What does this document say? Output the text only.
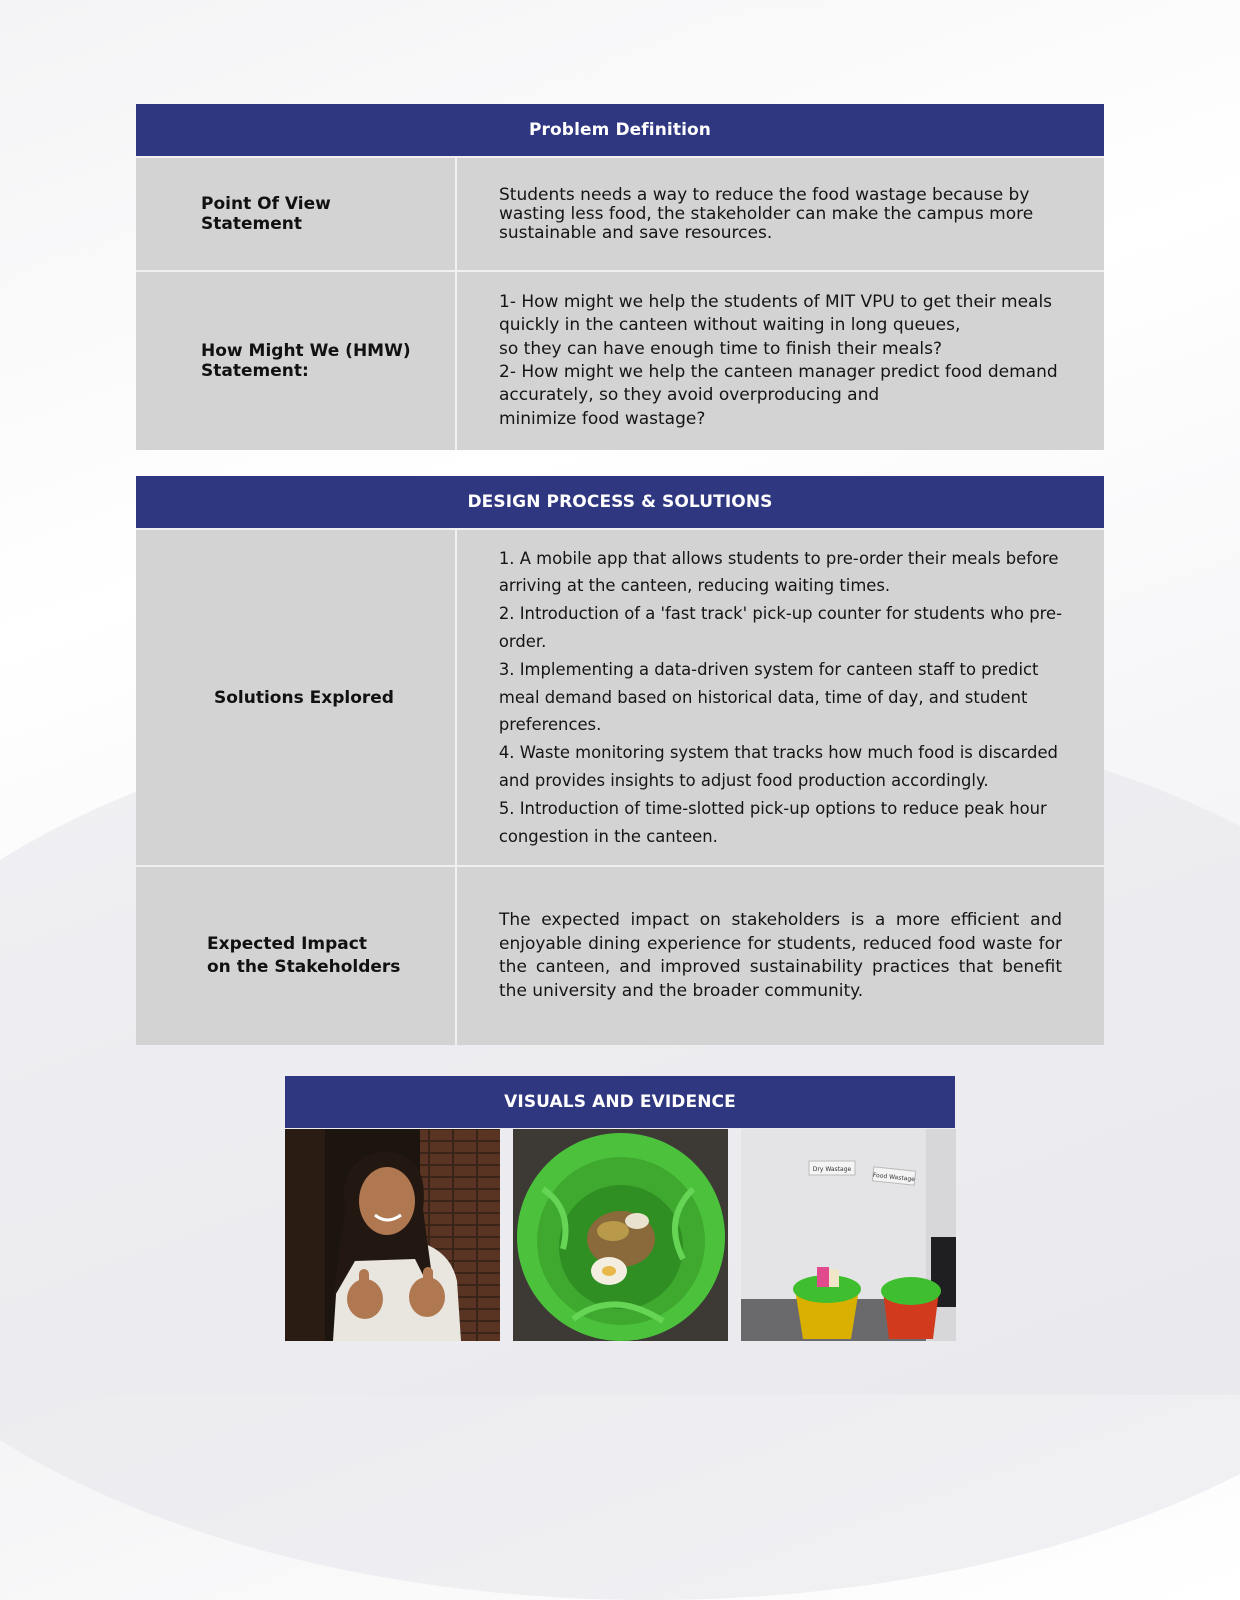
Problem Definition
Point Of View
Statement
Students needs a way to reduce the food wastage because by
wasting less food, the stakeholder can make the campus more
sustainable and save resources.
How Might We (HMW)
Statement:
1- How might we help the students of MIT VPU to get their meals
quickly in the canteen without waiting in long queues,
so they can have enough time to finish their meals?
2- How might we help the canteen manager predict food demand
accurately, so they avoid overproducing and
minimize food wastage?
DESIGN PROCESS & SOLUTIONS
Solutions Explored
1. A mobile app that allows students to pre-order their meals before
arriving at the canteen, reducing waiting times.
2. Introduction of a 'fast track' pick-up counter for students who pre-
order.
3. Implementing a data-driven system for canteen staff to predict
meal demand based on historical data, time of day, and student
preferences.
4. Waste monitoring system that tracks how much food is discarded
and provides insights to adjust food production accordingly.
5. Introduction of time-slotted pick-up options to reduce peak hour
congestion in the canteen.
Expected Impact
on the Stakeholders
The expected impact on stakeholders is a more efficient and enjoyable dining experience for students, reduced food waste for the canteen, and improved sustainability practices that benefit the university and the broader community.
VISUALS AND EVIDENCE
Dry Wastage
Food Wastage
